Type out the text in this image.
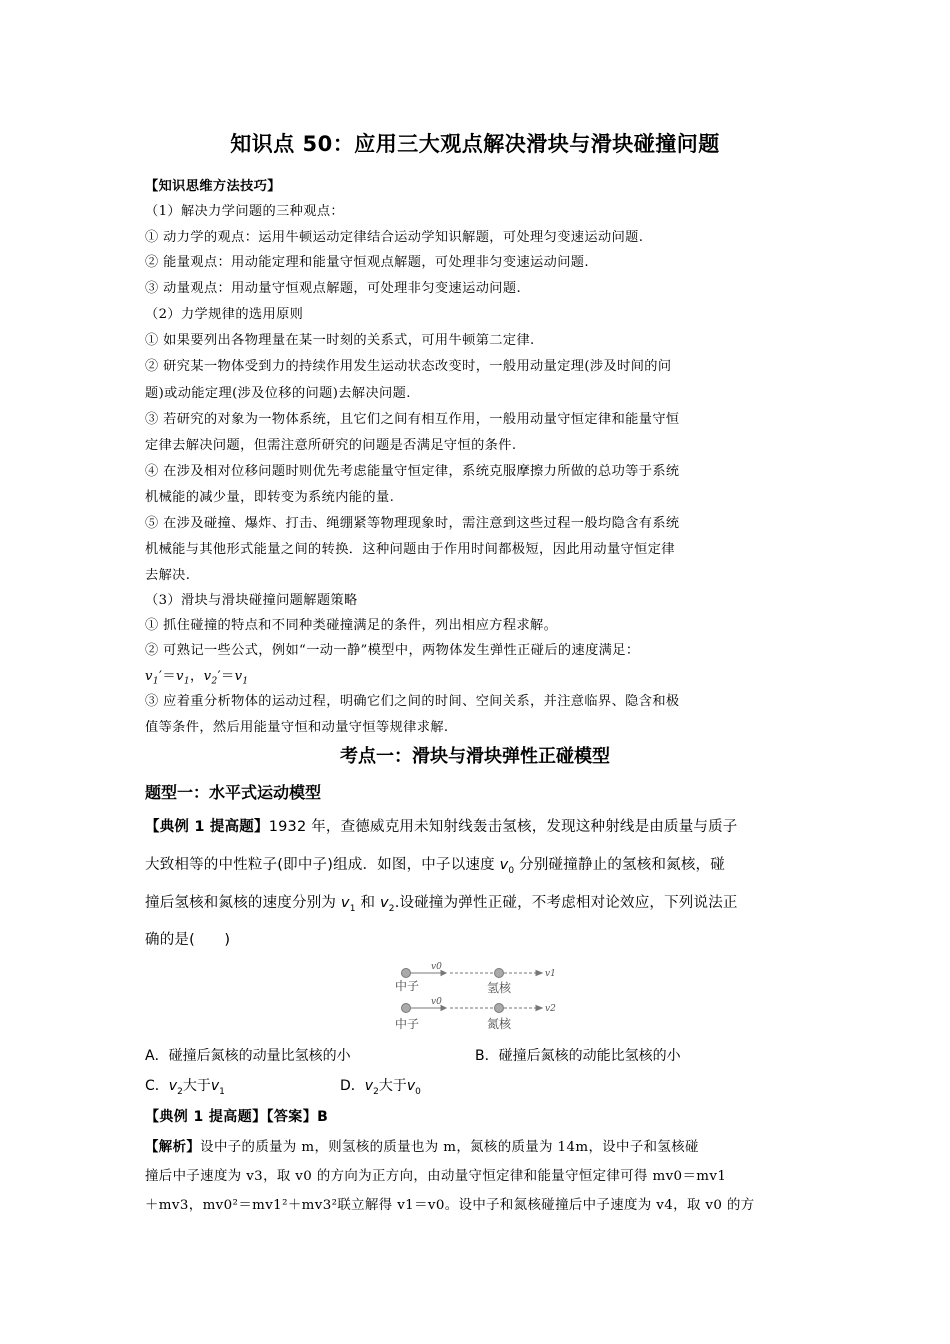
知识点 50：应用三大观点解决滑块与滑块碰撞问题
【知识思维方法技巧】
（1）解决力学问题的三种观点：
① 动力学的观点：运用牛顿运动定律结合运动学知识解题，可处理匀变速运动问题.
② 能量观点：用动能定理和能量守恒观点解题，可处理非匀变速运动问题.
③ 动量观点：用动量守恒观点解题，可处理非匀变速运动问题.
（2）力学规律的选用原则
① 如果要列出各物理量在某一时刻的关系式，可用牛顿第二定律.
② 研究某一物体受到力的持续作用发生运动状态改变时，一般用动量定理(涉及时间的问
题)或动能定理(涉及位移的问题)去解决问题.
③ 若研究的对象为一物体系统，且它们之间有相互作用，一般用动量守恒定律和能量守恒
定律去解决问题，但需注意所研究的问题是否满足守恒的条件.
④ 在涉及相对位移问题时则优先考虑能量守恒定律，系统克服摩擦力所做的总功等于系统
机械能的减少量，即转变为系统内能的量.
⑤ 在涉及碰撞、爆炸、打击、绳绷紧等物理现象时，需注意到这些过程一般均隐含有系统
机械能与其他形式能量之间的转换．这种问题由于作用时间都极短，因此用动量守恒定律
去解决.
（3）滑块与滑块碰撞问题解题策略
① 抓住碰撞的特点和不同种类碰撞满足的条件，列出相应方程求解。
② 可熟记一些公式，例如“一动一静”模型中，两物体发生弹性正碰后的速度满足：
$v_1'=v_1$，$v_2'=v_1$
③ 应着重分析物体的运动过程，明确它们之间的时间、空间关系，并注意临界、隐含和极
值等条件，然后用能量守恒和动量守恒等规律求解.
考点一：滑块与滑块弹性正碰模型
题型一：水平式运动模型
【典例 1 提高题】1932 年，查德威克用未知射线轰击氢核，发现这种射线是由质量与质子
大致相等的中性粒子(即中子)组成．如图，中子以速度 $v_0$ 分别碰撞静止的氢核和氮核，碰
撞后氢核和氮核的速度分别为 $v_1$ 和 $v_2$.设碰撞为弹性正碰，不考虑相对论效应，下列说法正
确的是(　　)
v0
v1
v0
v2
中子	氢核
中子	氮核
A．碰撞后氮核的动量比氢核的小	B．碰撞后氮核的动能比氢核的小
C．$v_2$大于$v_1$	D．$v_2$大于$v_0$
【典例 1 提高题】【答案】B
【解析】设中子的质量为 m，则氢核的质量也为 m，氮核的质量为 14m，设中子和氢核碰
撞后中子速度为 v3，取 v0 的方向为正方向，由动量守恒定律和能量守恒定律可得 mv0＝mv1
＋mv3，mv0²＝mv1²＋mv3²联立解得 v1＝v0。设中子和氮核碰撞后中子速度为 v4，取 v0 的方
